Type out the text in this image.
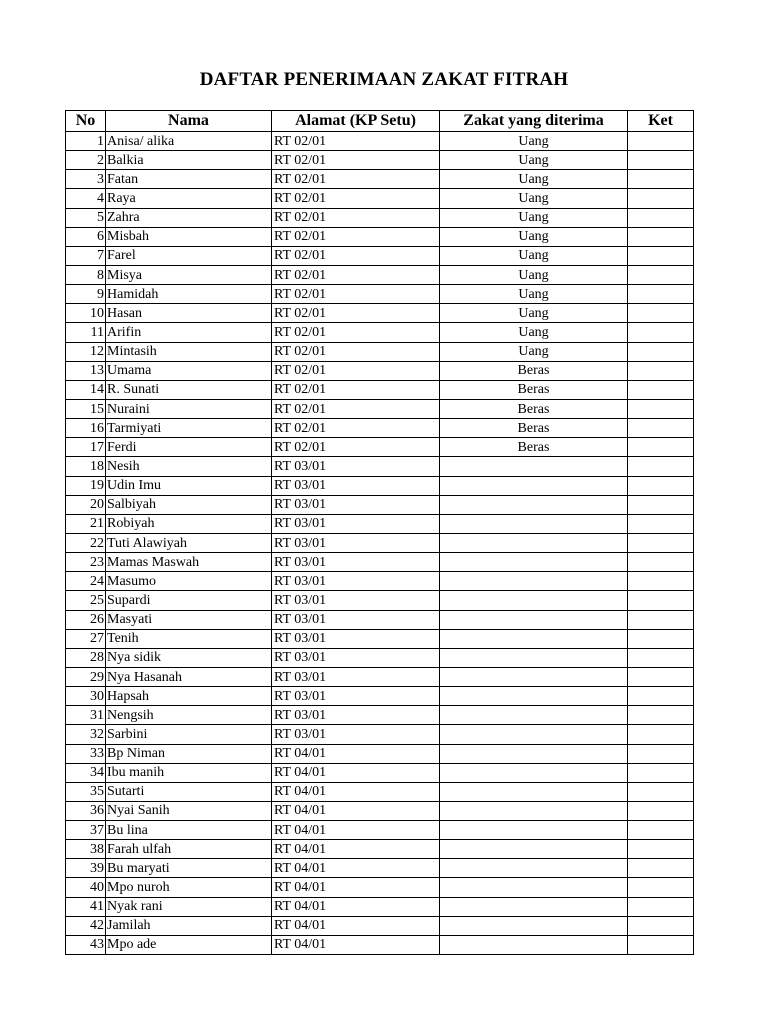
DAFTAR PENERIMAAN ZAKAT FITRAH
No	Nama	Alamat (KP Setu)	Zakat yang diterima	Ket
1	Anisa/ alika	RT 02/01	Uang	
2	Balkia	RT 02/01	Uang	
3	Fatan	RT 02/01	Uang	
4	Raya	RT 02/01	Uang	
5	Zahra	RT 02/01	Uang	
6	Misbah	RT 02/01	Uang	
7	Farel	RT 02/01	Uang	
8	Misya	RT 02/01	Uang	
9	Hamidah	RT 02/01	Uang	
10	Hasan	RT 02/01	Uang	
11	Arifin	RT 02/01	Uang	
12	Mintasih	RT 02/01	Uang	
13	Umama	RT 02/01	Beras	
14	R. Sunati	RT 02/01	Beras	
15	Nuraini	RT 02/01	Beras	
16	Tarmiyati	RT 02/01	Beras	
17	Ferdi	RT 02/01	Beras	
18	Nesih	RT 03/01		
19	Udin Imu	RT 03/01		
20	Salbiyah	RT 03/01		
21	Robiyah	RT 03/01		
22	Tuti Alawiyah	RT 03/01		
23	Mamas Maswah	RT 03/01		
24	Masumo	RT 03/01		
25	Supardi	RT 03/01		
26	Masyati	RT 03/01		
27	Tenih	RT 03/01		
28	Nya sidik	RT 03/01		
29	Nya Hasanah	RT 03/01		
30	Hapsah	RT 03/01		
31	Nengsih	RT 03/01		
32	Sarbini	RT 03/01		
33	Bp Niman	RT 04/01		
34	Ibu manih	RT 04/01		
35	Sutarti	RT 04/01		
36	Nyai Sanih	RT 04/01		
37	Bu lina	RT 04/01		
38	Farah ulfah	RT 04/01		
39	Bu maryati	RT 04/01		
40	Mpo nuroh	RT 04/01		
41	Nyak rani	RT 04/01		
42	Jamilah	RT 04/01		
43	Mpo ade	RT 04/01		
